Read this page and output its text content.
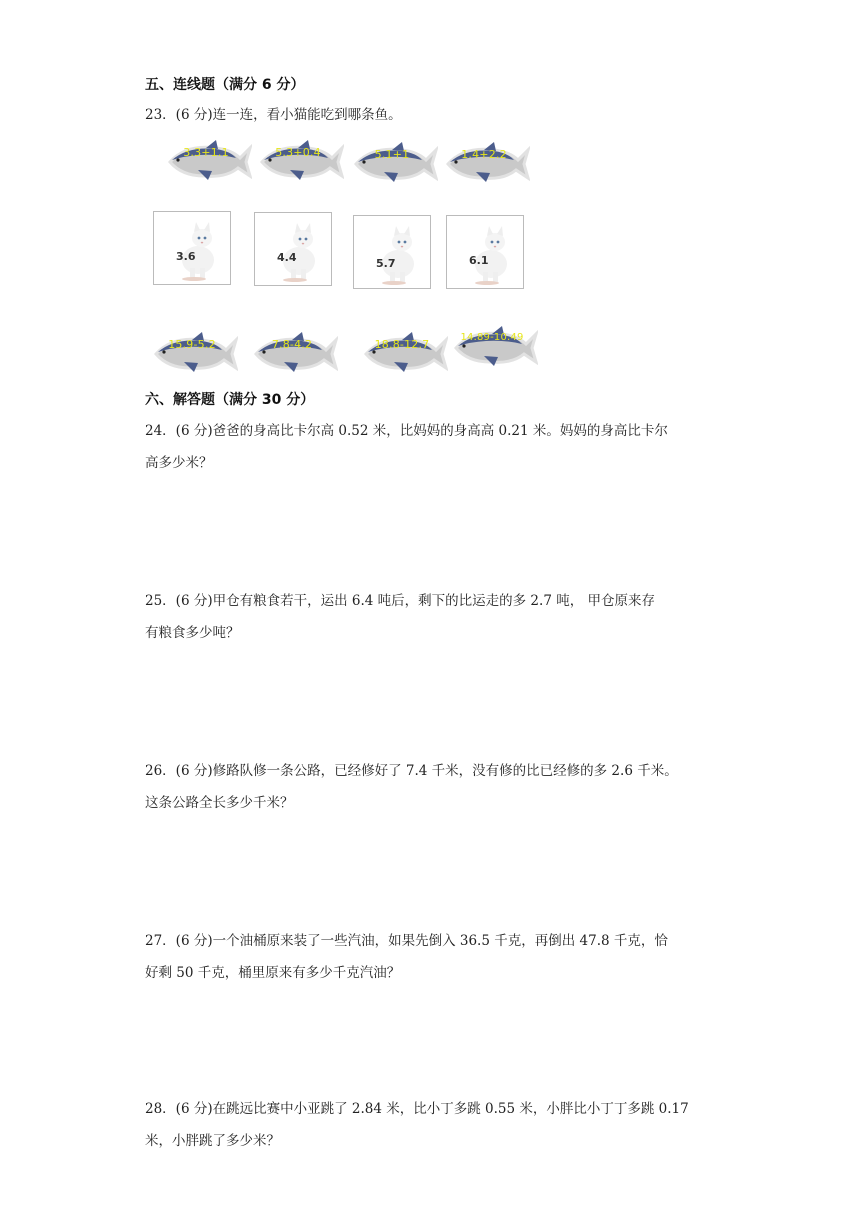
五、连线题（满分 6 分）
23．(6 分)连一连，看小猫能吃到哪条鱼。
3.3+1.1	5.3+0.4	5.1+1	1.4+2.2
3.6	4.4	5.7	6.1
15.9-5.2	7.8-4.2	18.8-12.7
14.89-10.49
六、解答题（满分 30 分）
24．(6 分)爸爸的身高比卡尔高 0.52 米，比妈妈的身高高 0.21 米。妈妈的身高比卡尔
高多少米？
25．(6 分)甲仓有粮食若干，运出 6.4 吨后，剩下的比运走的多 2.7 吨， 甲仓原来存
有粮食多少吨？
26．(6 分)修路队修一条公路，已经修好了 7.4 千米，没有修的比已经修的多 2.6 千米。
这条公路全长多少千米？
27．(6 分)一个油桶原来装了一些汽油，如果先倒入 36.5 千克，再倒出 47.8 千克，恰
好剩 50 千克，桶里原来有多少千克汽油？
28．(6 分)在跳远比赛中小亚跳了 2.84 米，比小丁多跳 0.55 米，小胖比小丁丁多跳 0.17
米，小胖跳了多少米？
